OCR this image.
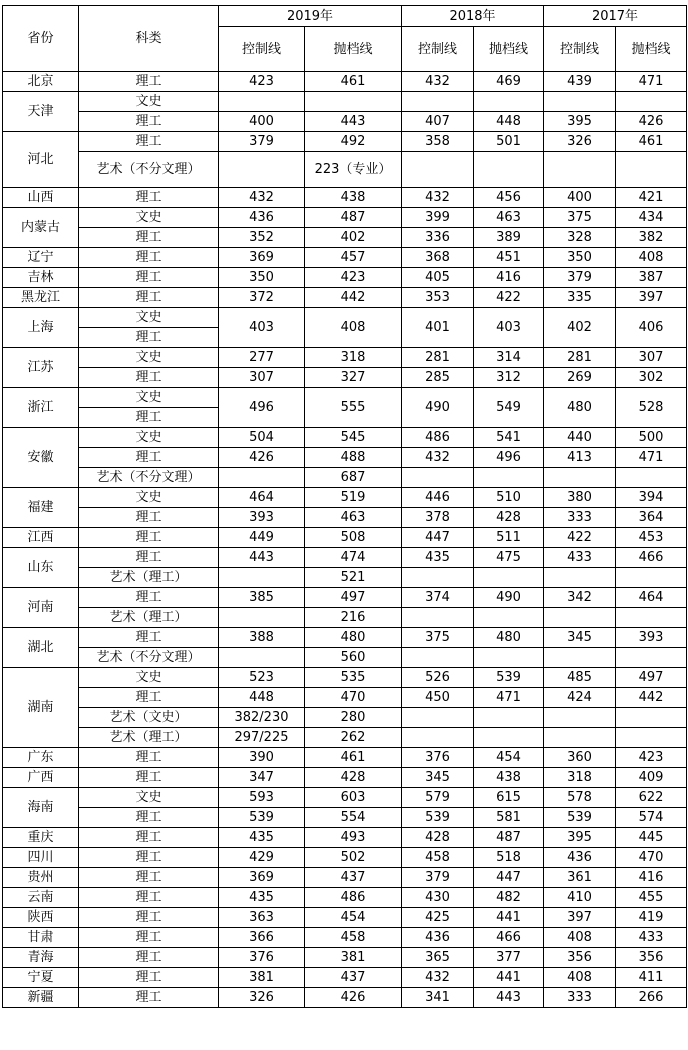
省份	科类	2019年		2018年		2017年	
		控制线	抛档线	控制线	抛档线	控制线	抛档线
北京	理工	423	461	432	469	439	471
天津	文史						
	理工	400	443	407	448	395	426
河北	理工	379	492	358	501	326	461
	艺术（不分文理）		223（专业）				
山西	理工	432	438	432	456	400	421
内蒙古	文史	436	487	399	463	375	434
	理工	352	402	336	389	328	382
辽宁	理工	369	457	368	451	350	408
吉林	理工	350	423	405	416	379	387
黑龙江	理工	372	442	353	422	335	397
上海	文史	403	408	401	403	402	406
	理工						
江苏	文史	277	318	281	314	281	307
	理工	307	327	285	312	269	302
浙江	文史	496	555	490	549	480	528
	理工						
安徽	文史	504	545	486	541	440	500
	理工	426	488	432	496	413	471
	艺术（不分文理）		687				
福建	文史	464	519	446	510	380	394
	理工	393	463	378	428	333	364
江西	理工	449	508	447	511	422	453
山东	理工	443	474	435	475	433	466
	艺术（理工）		521				
河南	理工	385	497	374	490	342	464
	艺术（理工）		216				
湖北	理工	388	480	375	480	345	393
	艺术（不分文理）		560				
湖南	文史	523	535	526	539	485	497
	理工	448	470	450	471	424	442
	艺术（文史）	382/230	280				
	艺术（理工）	297/225	262				
广东	理工	390	461	376	454	360	423
广西	理工	347	428	345	438	318	409
海南	文史	593	603	579	615	578	622
	理工	539	554	539	581	539	574
重庆	理工	435	493	428	487	395	445
四川	理工	429	502	458	518	436	470
贵州	理工	369	437	379	447	361	416
云南	理工	435	486	430	482	410	455
陕西	理工	363	454	425	441	397	419
甘肃	理工	366	458	436	466	408	433
青海	理工	376	381	365	377	356	356
宁夏	理工	381	437	432	441	408	411
新疆	理工	326	426	341	443	333	266
